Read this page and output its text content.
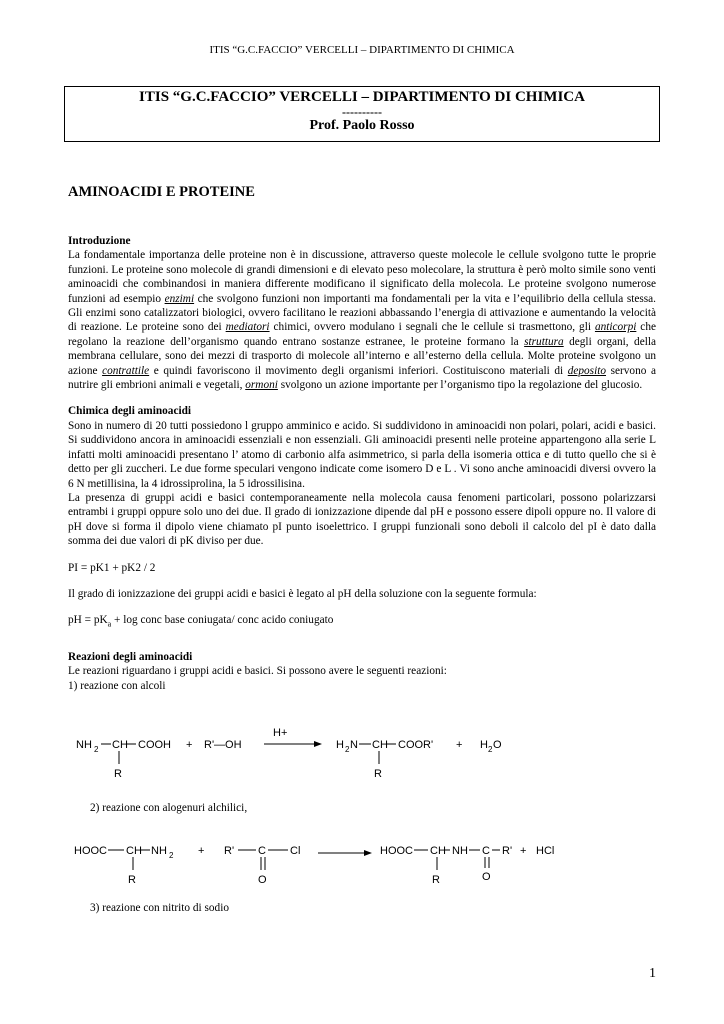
ITIS “G.C.FACCIO” VERCELLI – DIPARTIMENTO DI CHIMICA
ITIS “G.C.FACCIO” VERCELLI – DIPARTIMENTO DI CHIMICA
----------
Prof. Paolo Rosso
AMINOACIDI E PROTEINE

Introduzione

La fondamentale importanza delle proteine non è in discussione, attraverso queste molecole le cellule svolgono tutte le proprie funzioni. Le proteine sono molecole di grandi dimensioni e di elevato peso molecolare, la struttura è però molto simile sono venti aminoacidi che combinandosi in maniera differente modificano il significato della molecola. Le proteine svolgono numerose funzioni ad esempio enzimi che svolgono funzioni non importanti ma fondamentali per la vita e l’equilibrio della cellula stessa. Gli enzimi sono catalizzatori biologici, ovvero facilitano le reazioni abbassando l’energia di attivazione e aumentando la velocità di reazione. Le proteine sono dei mediatori chimici, ovvero modulano i segnali che le cellule si trasmettono, gli anticorpi che regolano la reazione dell’organismo quando entrano sostanze estranee, le proteine formano la struttura degli organi, della membrana cellulare, sono dei mezzi di trasporto di molecole all’interno e all’esterno della cellula. Molte proteine svolgono un azione contrattile e quindi favoriscono il movimento degli organismi inferiori. Costituiscono materiali di deposito servono a nutrire gli embrioni animali e vegetali, ormoni svolgono un azione importante per l’organismo tipo la regolazione del glucosio.

Chimica degli aminoacidi

Sono in numero di 20 tutti possiedono l gruppo amminico e acido. Si suddividono in aminoacidi non polari, polari, acidi e basici. Si suddividono ancora in aminoacidi essenziali e non essenziali. Gli aminoacidi presenti nelle proteine appartengono alla serie L infatti molti aminoacidi presentano l’ atomo di carbonio alfa asimmetrico, si parla della isomeria ottica e di tutto quello che si è detto per gli zuccheri. Le due forme speculari vengono indicate come isomero D e L . Vi sono anche aminoacidi diversi ovvero la 6 N metillisina, la 4 idrossiprolina, la 5 idrossilisina.

La presenza di gruppi acidi e basici contemporaneamente nella molecola causa fenomeni particolari, possono polarizzarsi entrambi i gruppi oppure solo uno dei due. Il grado di ionizzazione dipende dal pH e possono essere dipoli oppure no. Il valore di pH dove si forma il dipolo viene chiamato pI punto isoelettrico. I gruppi funzionali sono deboli il calcolo del pI è dato dalla somma dei due valori di pK diviso per due.

PI = pK1 + pK2 / 2

Il grado di ionizzazione dei gruppi acidi e basici è legato al pH della soluzione con la seguente formula:

pH = $pK_a + \log$ conc base coniugata/ conc acido coniugato

Reazioni degli aminoacidi

Le reazioni riguardano i gruppi acidi e basici. Si possono avere le seguenti reazioni:

1) reazione con alcoli

NH 2 CH COOH + R'—OH
R
H+
H 2 N CH COOR' + H 2 O
R

2) reazione con alogenuri alchilici,

HOOC CH NH 2
R
+ R' C Cl
O
HOOC CH NH C R' + HCl
R	O

3) reazione con nitrito di sodio

1
